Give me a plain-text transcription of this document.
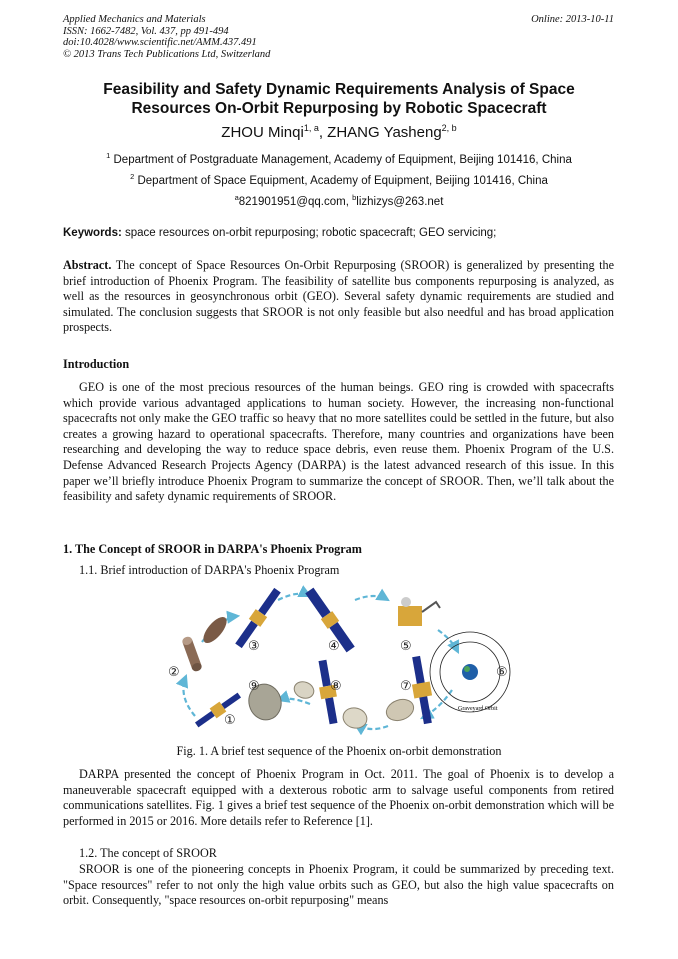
Applied Mechanics and Materials
ISSN: 1662-7482, Vol. 437, pp 491-494
doi:10.4028/www.scientific.net/AMM.437.491
© 2013 Trans Tech Publications Ltd, Switzerland
Online: 2013-10-11
Feasibility and Safety Dynamic Requirements Analysis of Space
Resources On-Orbit Repurposing by Robotic Spacecraft
ZHOU Minqi$^{1, a}$, ZHANG Yasheng$^{2, b}$
$^1$ Department of Postgraduate Management, Academy of Equipment, Beijing 101416, China
$^2$ Department of Space Equipment, Academy of Equipment, Beijing 101416, China
$^a$821901951@qq.com, $^b$lizhizys@263.net
Keywords: space resources on-orbit repurposing; robotic spacecraft; GEO servicing;
Abstract. The concept of Space Resources On-Orbit Repurposing (SROOR) is generalized by presenting the brief introduction of Phoenix Program. The feasibility of satellite bus components repurposing is analyzed, as well as the resources in geosynchronous orbit (GEO). Several safety dynamic requirements are studied and simulated. The conclusion suggests that SROOR is not only feasible but also needful and has broad application prospects.
Introduction
GEO is one of the most precious resources of the human beings. GEO ring is crowded with spacecrafts which provide various advantaged applications to human society. However, the increasing non-functional spacecrafts not only make the GEO traffic so heavy that no more satellites could be settled in the future, but also creates a growing hazard to operational spacecrafts. Therefore, many countries and organizations have been researching and developing the way to reduce space debris, even reuse them. Phoenix Program of the U.S. Defense Advanced Research Projects Agency (DARPA) is the latest advanced research of this issue. In this paper we’ll briefly introduce Phoenix Program to summarize the concept of SROOR. Then, we’ll talk about the feasibility and safety dynamic requirements of SROOR.
1. The Concept of SROOR in DARPA's Phoenix Program
1.1. Brief introduction of DARPA's Phoenix Program
Graveyard Orbit
①
②
③	④	⑤
⑥
⑦
⑧
⑨
Fig. 1. A brief test sequence of the Phoenix on-orbit demonstration
DARPA presented the concept of Phoenix Program in Oct. 2011. The goal of Phoenix is to develop a maneuverable spacecraft equipped with a dexterous robotic arm to salvage useful components from retired communications satellites. Fig. 1 gives a brief test sequence of the Phoenix on-orbit demonstration which will be performed in 2015 or 2016. More details refer to Reference [1].
1.2. The concept of SROOR
SROOR is one of the pioneering concepts in Phoenix Program, it could be summarized by preceding text. "Space resources" refer to not only the high value orbits such as GEO, but also the high value spacecrafts on orbit. Consequently, "space resources on-orbit repurposing" means
